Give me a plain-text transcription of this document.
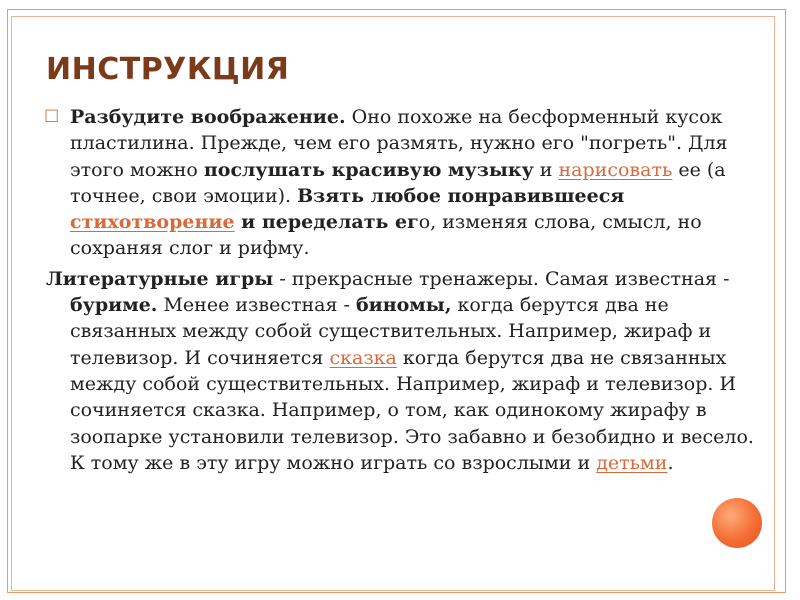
ИНСТРУКЦИЯ

☐ Разбудите воображение. Оно похоже на бесформенный кусок пластилина. Прежде, чем его размять, нужно его "погреть". Для этого можно послушать красивую музыку и нарисовать ее (а точнее, свои эмоции). Взять любое понравившееся стихотворение и переделать его, изменяя слова, смысл, но сохраняя слог и рифму.

Литературные игры - прекрасные тренажеры. Самая известная - буриме. Менее известная - биномы, когда берутся два не связанных между собой существительных. Например, жираф и телевизор. И сочиняется сказка когда берутся два не связанных между собой существительных. Например, жираф и телевизор. И сочиняется сказка. Например, о том, как одинокому жирафу в зоопарке установили телевизор. Это забавно и безобидно и весело. К тому же в эту игру можно играть со взрослыми и детьми.
